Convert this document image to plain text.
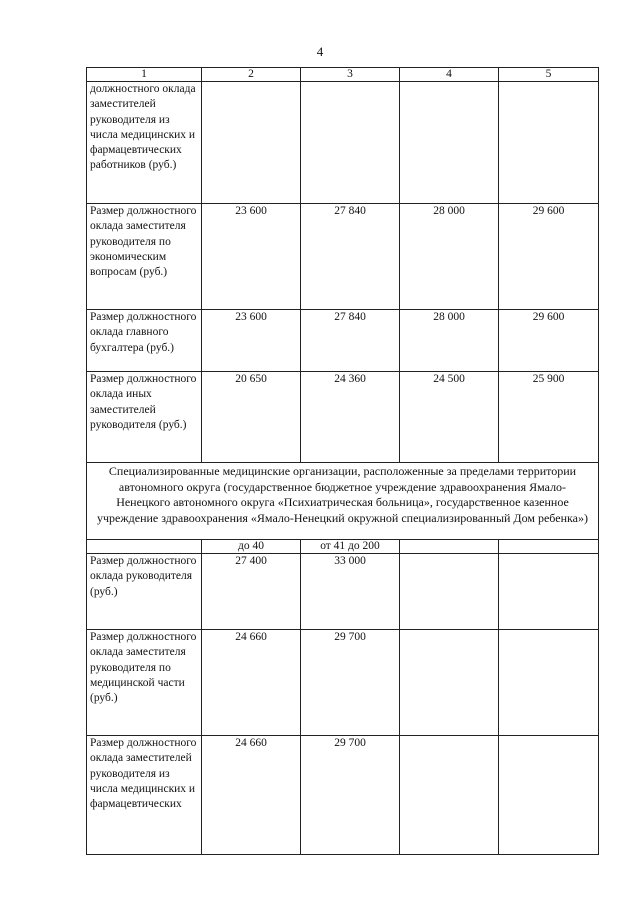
4
1	2	3	4	5
должностного оклада заместителей руководителя из числа медицинских и фармацевтических работников (руб.)				
Размер должностного оклада заместителя руководителя по экономическим вопросам (руб.)	23 600	27 840	28 000	29 600
Размер должностного оклада главного бухгалтера (руб.)	23 600	27 840	28 000	29 600
Размер должностного оклада иных заместителей руководителя (руб.)	20 650	24 360	24 500	25 900
Специализированные медицинские организации, расположенные за пределами территории автономного округа (государственное бюджетное учреждение здравоохранения Ямало-Ненецкого автономного округа «Психиатрическая больница», государственное казенное учреждение здравоохранения «Ямало-Ненецкий окружной специализированный Дом ребенка»)				
	до 40	от 41 до 200		
Размер должностного оклада руководителя (руб.)	27 400	33 000		
Размер должностного оклада заместителя руководителя по медицинской части (руб.)	24 660	29 700		
Размер должностного оклада заместителей руководителя из числа медицинских и фармацевтических	24 660	29 700		
